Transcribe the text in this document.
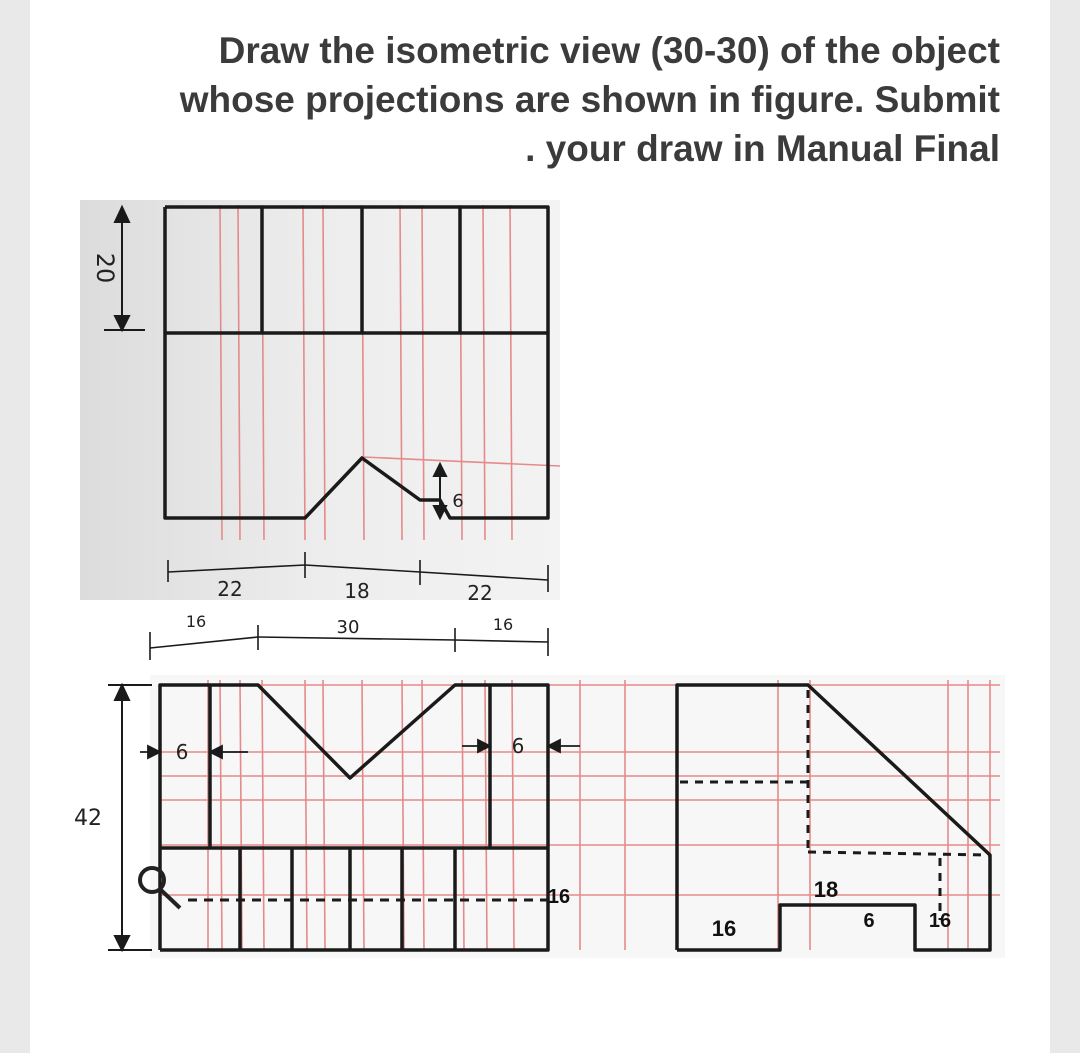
Draw the isometric view (30-30) of the object
whose projections are shown in figure. Submit
. your draw in Manual Final
20
9
22	18	22
16	30	16
42
9	9
16
16
18
6	16
